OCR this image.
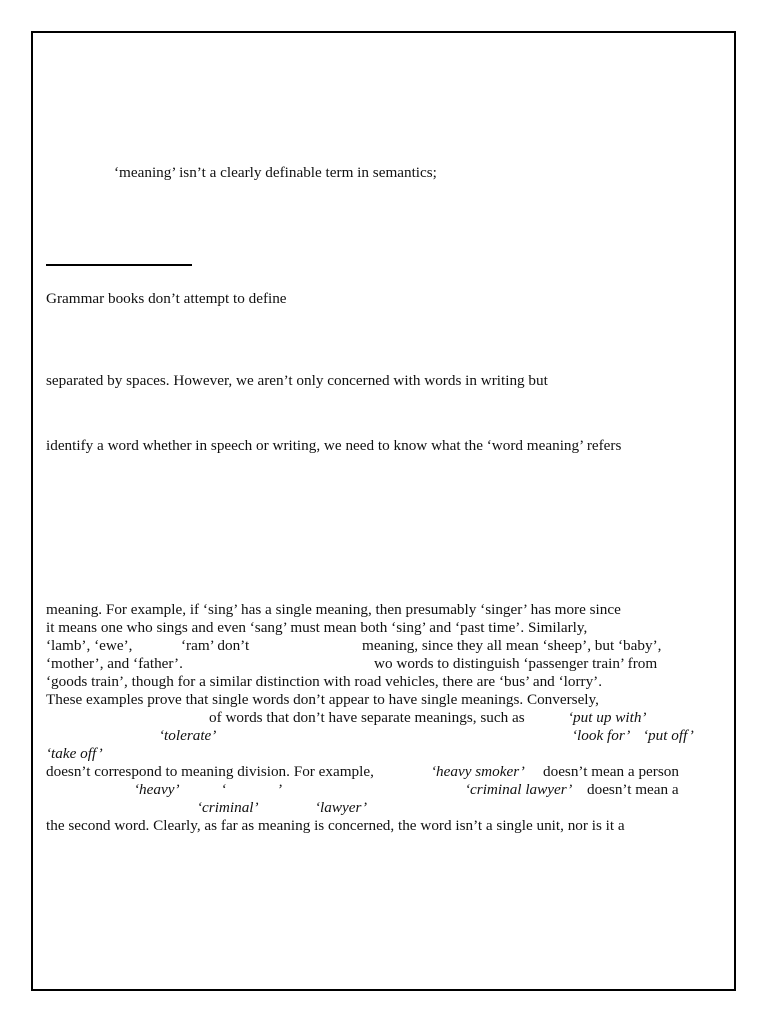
‘meaning’ isn’t a clearly definable term in semantics;

Grammar books don’t attempt to define

separated by spaces. However, we aren’t only concerned with words in writing but

identify a word whether in speech or writing, we need to know what the ‘word meaning’ refers

meaning. For example, if ‘sing’ has a single meaning, then presumably ‘singer’ has more since

it means one who sings and even ‘sang’ must mean both ‘sing’ and ‘past time’. Similarly,

‘lamb’, ‘ewe’,	‘ram’ don’t	meaning, since they all mean ‘sheep’, but ‘baby’,

‘mother’, and ‘father’.	wo words to distinguish ‘passenger train’ from

‘goods train’, though for a similar distinction with road vehicles, there are ‘bus’ and ‘lorry’.

These examples prove that single words don’t appear to have single meanings. Conversely,

of words that don’t have separate meanings, such as	‘put up with’

‘tolerate’	‘look for’ ‘put off’

‘take off’

doesn’t correspond to meaning division. For example,	‘heavy smoker’ doesn’t mean a person

‘heavy’	‘	’	‘criminal lawyer’ doesn’t mean a

‘criminal’	‘lawyer’

the second word. Clearly, as far as meaning is concerned, the word isn’t a single unit, nor is it a
